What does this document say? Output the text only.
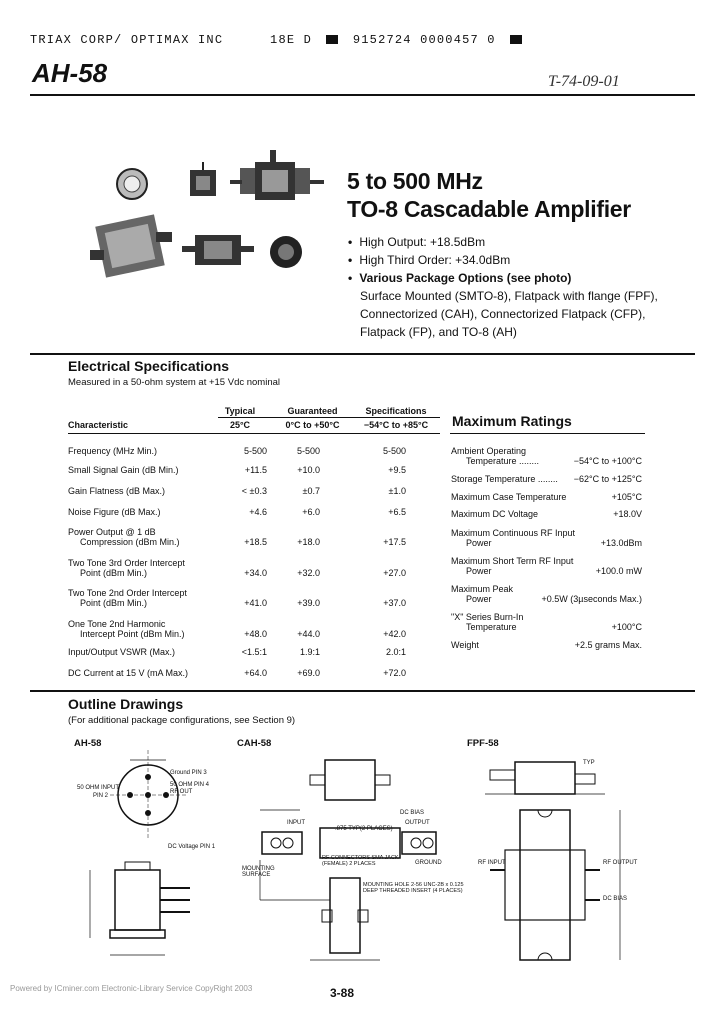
TRIAX CORP/ OPTIMAX INC	18E D	9152724 0000457 0
AH-58	T-74-09-01
5 to 500 MHz
TO-8 Cascadable Amplifier
• High Output: +18.5dBm
• High Third Order: +34.0dBm
• Various Package Options (see photo)
Surface Mounted (SMTO-8), Flatpack with flange (FPF),
Connectorized (CAH), Connectorized Flatpack (CFP),
Flatpack (FP), and TO-8 (AH)
Electrical Specifications
Measured in a 50-ohm system at +15 Vdc nominal
Typical
25°C
Guaranteed
0°C to +50°C
Specifications
−54°C to +85°C
Characteristic
Frequency (MHz Min.)	5-500	5-500	5-500
Small Signal Gain (dB Min.)	+11.5	+10.0	+9.5
Gain Flatness (dB Max.)	< ±0.3	±0.7	±1.0
Noise Figure (dB Max.)	+4.6	+6.0	+6.5
Power Output @ 1 dB
Compression (dBm Min.)	+18.5	+18.0	+17.5
Two Tone 3rd Order Intercept
Point (dBm Min.)	+34.0	+32.0	+27.0
Two Tone 2nd Order Intercept
Point (dBm Min.)	+41.0	+39.0	+37.0
One Tone 2nd Harmonic
Intercept Point (dBm Min.)	+48.0	+44.0	+42.0
Input/Output VSWR (Max.)	<1.5:1	1.9:1	2.0:1
DC Current at 15 V (mA Max.)	+64.0	+69.0	+72.0
Maximum Ratings
Ambient Operating
Temperature ........	−54°C to +100°C
Storage Temperature ........ −62°C to +125°C
Maximum Case Temperature	+105°C
Maximum DC Voltage	+18.0V
Maximum Continuous RF Input
Power	+13.0dBm
Maximum Short Term RF Input
Power	+100.0 mW
Maximum Peak
Power	+0.5W (3µseconds Max.)
"X" Series Burn-In
Temperature	+100°C
Weight	+2.5 grams Max.
Outline Drawings
(For additional package configurations, see Section 9)
AH-58	CAH-58	FPF-58
Ground PIN 3
50 OHM PIN 4
RF OUT
50 OHM INPUT
PIN 2
DC Voltage PIN 1
INPUT
DC BIAS
OUTPUT
.875 TYP(2 PLACES)
RF CONNECTORS SMA JACK (FEMALE) 2 PLACES	GROUND
MOUNTING SURFACE
MOUNTING HOLE 2-56 UNC-2B x 0.125 DEEP THREADED INSERT (4 PLACES)
TYP
RF INPUT	RF OUTPUT
DC BIAS
Powered by ICminer.com Electronic-Library Service CopyRight 2003	3-88
